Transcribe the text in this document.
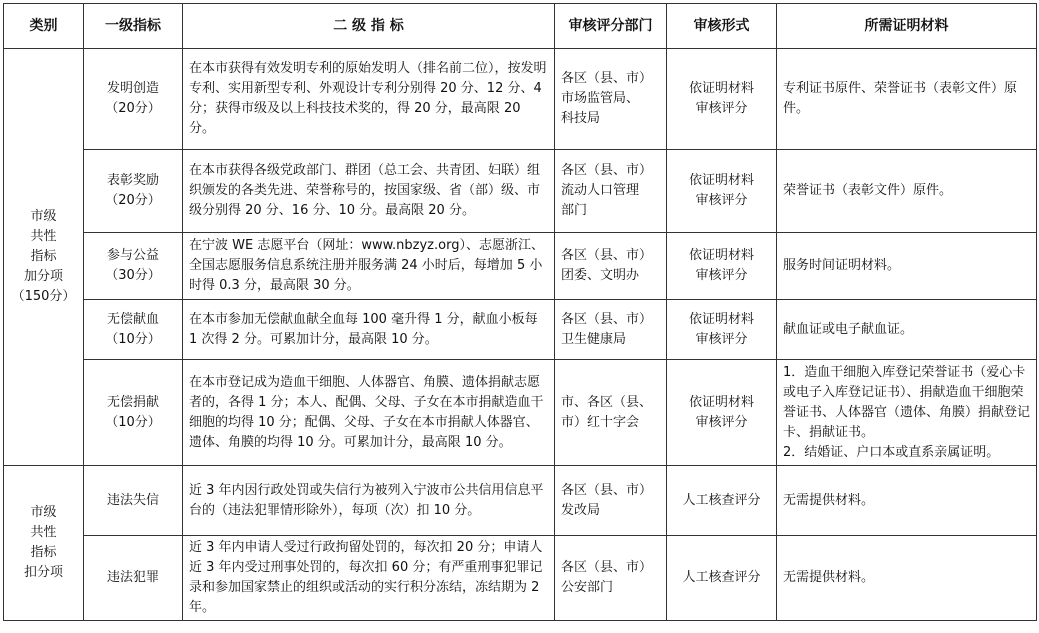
类别	一级指标	二 级 指 标	审核评分部门	审核形式	所需证明材料

市级
共性
指标
加分项
（150分）	发明创造
（20分）	在本市获得有效发明专利的原始发明人（排名前二位），按发明专利、实用新型专利、外观设计专利分别得 20 分、12 分、4 分；获得市级及以上科技技术奖的，得 20 分，最高限 20 分。	各区（县、市）
市场监管局、
科技局	依证明材料
审核评分	专利证书原件、荣誉证书（表彰文件）原件。

	表彰奖励
（20分）	在本市获得各级党政部门、群团（总工会、共青团、妇联）组织颁发的各类先进、荣誉称号的，按国家级、省（部）级、市级分别得 20 分、16 分、10 分。最高限 20 分。	各区（县、市）
流动人口管理
部门	依证明材料
审核评分	荣誉证书（表彰文件）原件。

	参与公益
（30分）	在宁波 WE 志愿平台（网址：www.nbzyz.org）、志愿浙江、全国志愿服务信息系统注册并服务满 24 小时后，每增加 5 小时得 0.3 分，最高限 30 分。	各区（县、市）
团委、文明办	依证明材料
审核评分	服务时间证明材料。

	无偿献血
（10分）	在本市参加无偿献血献全血每 100 毫升得 1 分，献血小板每 1 次得 2 分。可累加计分，最高限 10 分。	各区（县、市）
卫生健康局	依证明材料
审核评分	献血证或电子献血证。

	无偿捐献
（10分）	在本市登记成为造血干细胞、人体器官、角膜、遗体捐献志愿者的，各得 1 分；本人、配偶、父母、子女在本市捐献造血干细胞的均得 10 分；配偶、父母、子女在本市捐献人体器官、遗体、角膜的均得 10 分。可累加计分，最高限 10 分。	市、各区（县、
市）红十字会	依证明材料
审核评分	1．造血干细胞入库登记荣誉证书（爱心卡或电子入库登记证书）、捐献造血干细胞荣誉证书、人体器官（遗体、角膜）捐献登记卡、捐献证书。
2．结婚证、户口本或直系亲属证明。

市级
共性
指标
扣分项	违法失信	近 3 年内因行政处罚或失信行为被列入宁波市公共信用信息平台的（违法犯罪情形除外），每项（次）扣 10 分。	各区（县、市）
发改局	人工核查评分	无需提供材料。

	违法犯罪	近 3 年内申请人受过行政拘留处罚的，每次扣 20 分；申请人近 3 年内受过刑事处罚的，每次扣 60 分；有严重刑事犯罪记录和参加国家禁止的组织或活动的实行积分冻结，冻结期为 2 年。	各区（县、市）
公安部门	人工核查评分	无需提供材料。
